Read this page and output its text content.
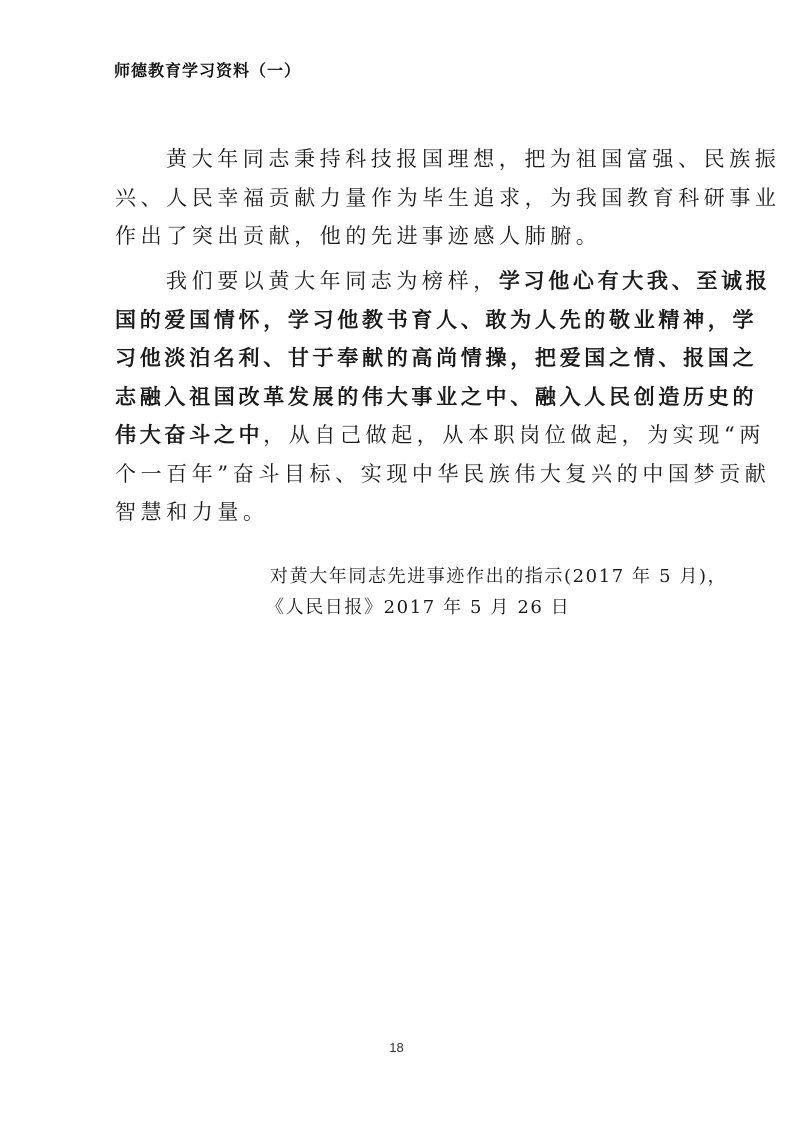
师德教育学习资料（一）
黄大年同志秉持科技报国理想，把为祖国富强、民族振
兴、人民幸福贡献力量作为毕生追求，为我国教育科研事业
作出了突出贡献，他的先进事迹感人肺腑。
我们要以黄大年同志为榜样，学习他心有大我、至诚报
国的爱国情怀，学习他教书育人、敢为人先的敬业精神，学
习他淡泊名利、甘于奉献的高尚情操，把爱国之情、报国之
志融入祖国改革发展的伟大事业之中、融入人民创造历史的
伟大奋斗之中，从自己做起，从本职岗位做起，为实现“两
个一百年”奋斗目标、实现中华民族伟大复兴的中国梦贡献
智慧和力量。
对黄大年同志先进事迹作出的指示(2017 年 5 月)，
《人民日报》2017 年 5 月 26 日
18
